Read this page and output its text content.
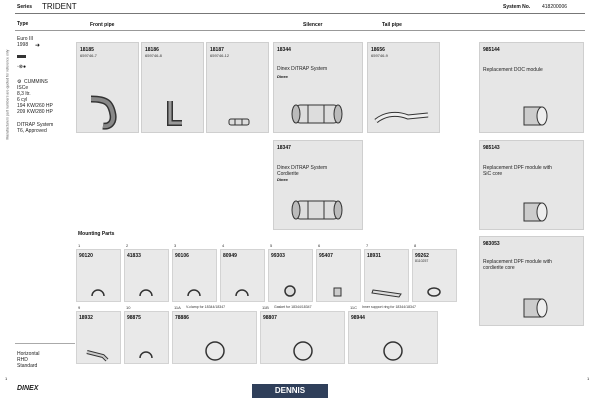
Series TRIDENT	System No. 418200006
Front pipe	Silencer	Tail pipe
Manufacturers part numbers are quoted for reference only
Type
Euro III
1998 ➜
◦⊗●
⚙ CUMMINS
ISCe
8,3 ltr.
6 cyl
194 KW/260 HP
209 KW/280 HP
DITRAP System
T6, Approved
Horizontal
RHD
Standard
18185
659746-7
18186
659746-8
18187
659746-12
18344
Dinex DiTRAP System
Dinex
18347
Dinex DiTRAP System
Cordierite
Dinex
18656
659746-9
985144
Replacement DOC module
985143
Replacement DPF module with
SiC core
983053
Replacement DPF module with
cordierite core
Mounting Parts
1
90120
2
41833
3
90106
4
80949
5
99303
6
95407
7
18931
8
99262
8110257
9
18932
10
98875
11A V-clamp for 18344/18347
78886
11B Gasket for 18344/18347
98807
11C Inner support ring for 18344/18347
98944
1	1
DINEX	DENNIS
